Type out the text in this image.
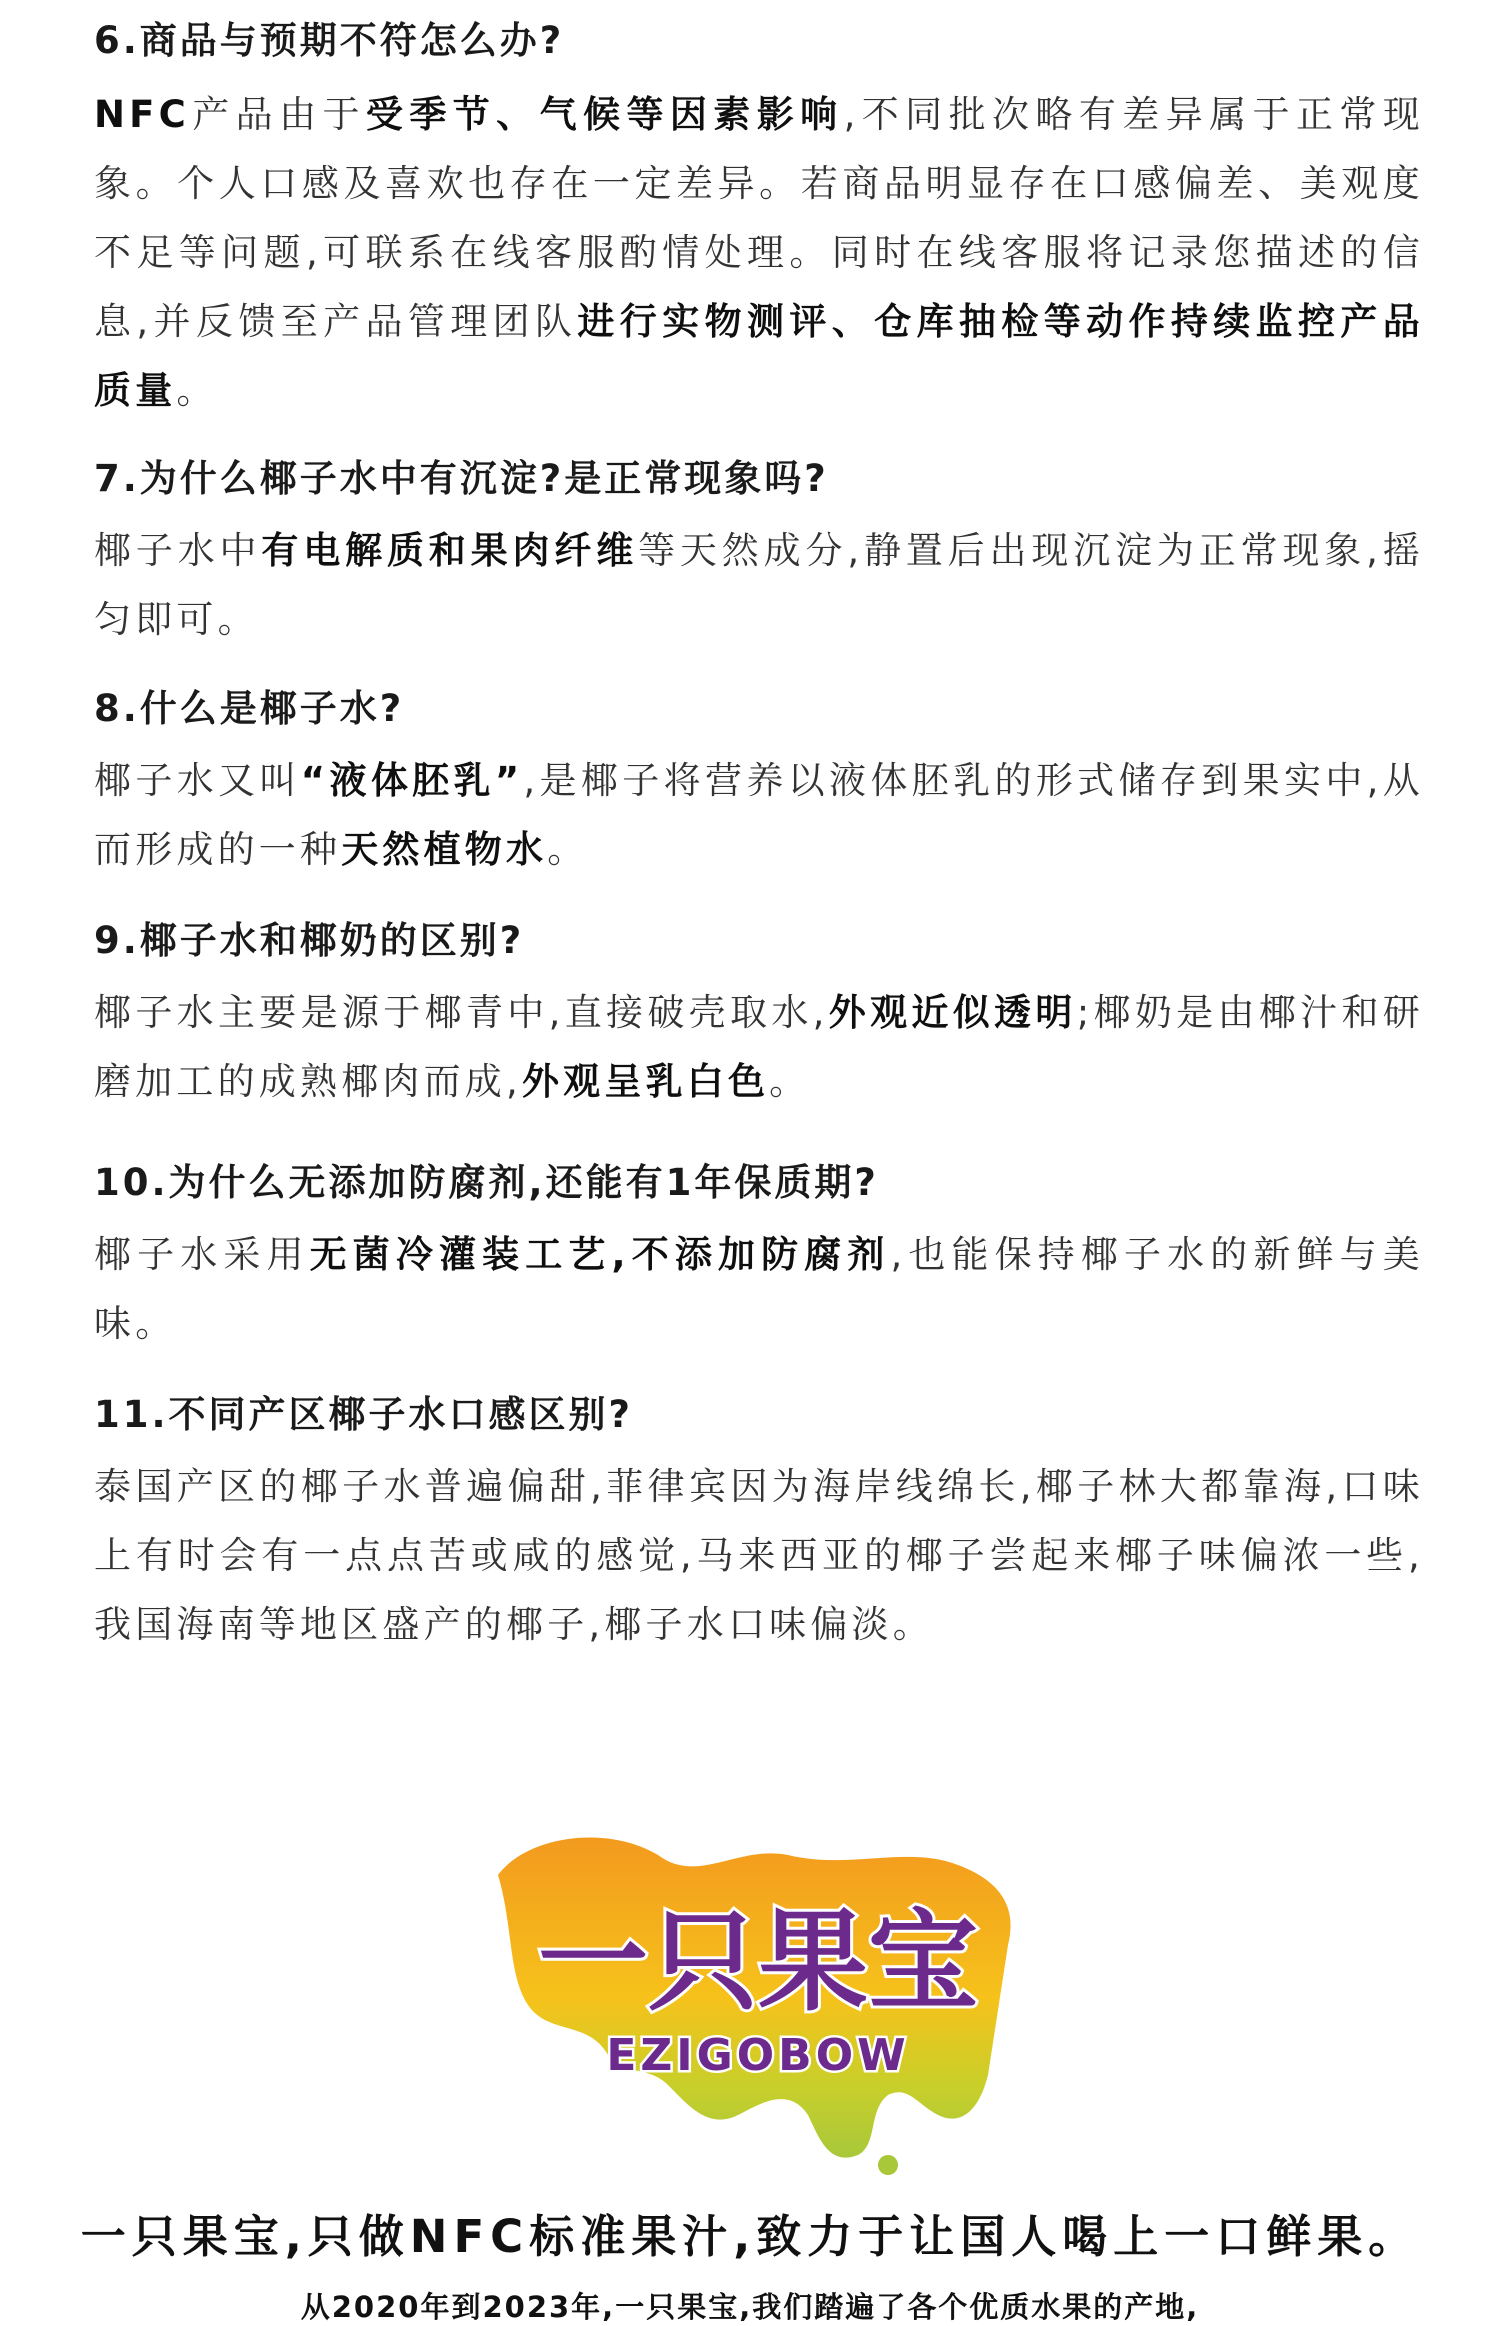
6.商品与预期不符怎么办?
NFC产品由于受季节、气候等因素影响,不同批次略有差异属于正常现象。个人口感及喜欢也存在一定差异。若商品明显存在口感偏差、美观度不足等问题,可联系在线客服酌情处理。同时在线客服将记录您描述的信息,并反馈至产品管理团队进行实物测评、仓库抽检等动作持续监控产品质量。
7.为什么椰子水中有沉淀?是正常现象吗?
椰子水中有电解质和果肉纤维等天然成分,静置后出现沉淀为正常现象,摇匀即可。
8.什么是椰子水?
椰子水又叫“液体胚乳”,是椰子将营养以液体胚乳的形式储存到果实中,从而形成的一种天然植物水。
9.椰子水和椰奶的区别?
椰子水主要是源于椰青中,直接破壳取水,外观近似透明;椰奶是由椰汁和研磨加工的成熟椰肉而成,外观呈乳白色。
10.为什么无添加防腐剂,还能有1年保质期?
椰子水采用无菌冷灌装工艺,不添加防腐剂,也能保持椰子水的新鲜与美味。
11.不同产区椰子水口感区别?
泰国产区的椰子水普遍偏甜,菲律宾因为海岸线绵长,椰子林大都靠海,口味上有时会有一点点苦或咸的感觉,马来西亚的椰子尝起来椰子味偏浓一些,我国海南等地区盛产的椰子,椰子水口味偏淡。
一只果宝
EZIGOBOW
一只果宝,只做NFC标准果汁,致力于让国人喝上一口鲜果。
从2020年到2023年,一只果宝,我们踏遍了各个优质水果的产地,
